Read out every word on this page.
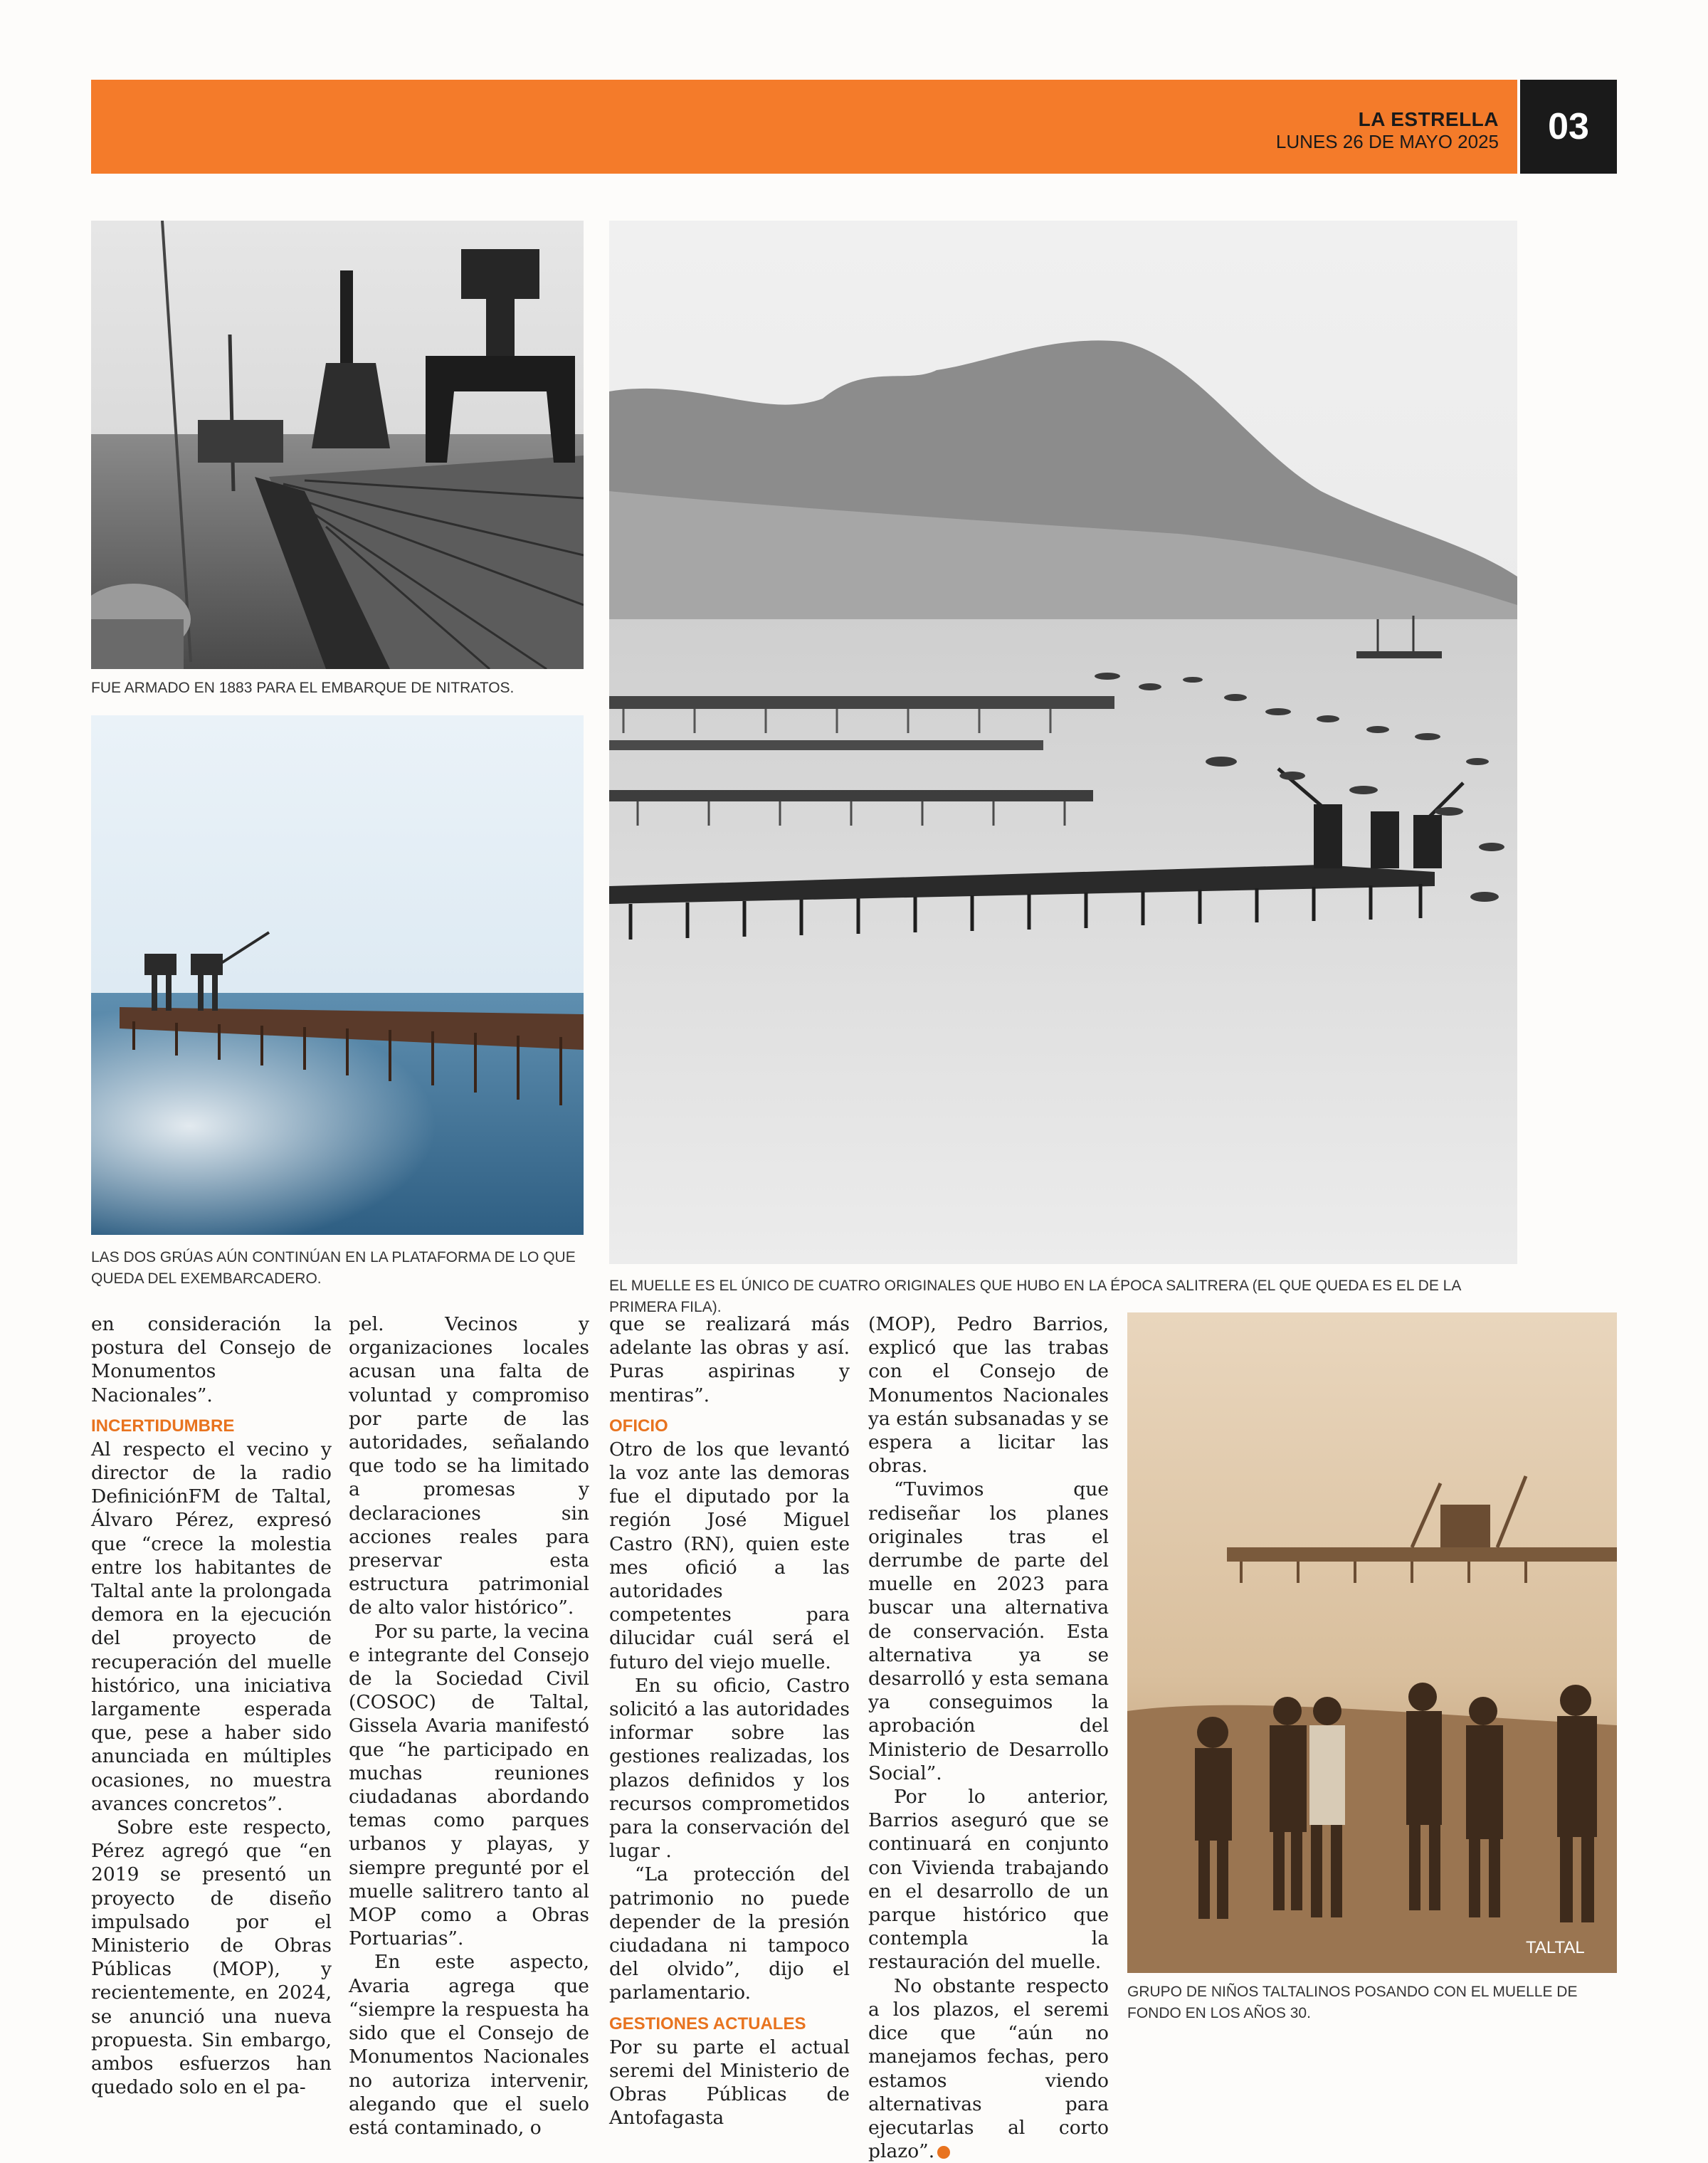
LA ESTRELLA
LUNES 26 DE MAYO 2025	03
FUE ARMADO EN 1883 PARA EL EMBARQUE DE NITRATOS.
LAS DOS GRÚAS AÚN CONTINÚAN EN LA PLATAFORMA DE LO QUE QUEDA DEL EXEMBARCADERO.	EL MUELLE ES EL ÚNICO DE CUATRO ORIGINALES QUE HUBO EN LA ÉPOCA SALITRERA (EL QUE QUEDA ES EL DE LA PRIMERA FILA).
TALTAL
GRUPO DE NIÑOS TALTALINOS POSANDO CON EL MUELLE DE FONDO EN LOS AÑOS 30.

en consideración la postura del Consejo de Monumentos Nacionales”.

INCERTIDUMBRE

Al respecto el vecino y director de la radio DefiniciónFM de Taltal, Álvaro Pérez, expresó que “crece la molestia entre los habitantes de Taltal ante la prolongada demora en la ejecución del proyecto de recuperación del muelle histórico, una iniciativa largamente esperada que, pese a haber sido anunciada en múltiples ocasiones, no muestra avances concretos”.

Sobre este respecto, Pérez agregó que “en 2019 se presentó un proyecto de diseño impulsado por el Ministerio de Obras Públicas (MOP), y recientemente, en 2024, se anunció una nueva propuesta. Sin embargo, ambos esfuerzos han quedado solo en el pa-

pel. Vecinos y organizaciones locales acusan una falta de voluntad y compromiso por parte de las autoridades, señalando que todo se ha limitado a promesas y declaraciones sin acciones reales para preservar esta estructura patrimonial de alto valor histórico”.

Por su parte, la vecina e integrante del Consejo de la Sociedad Civil (COSOC) de Taltal, Gissela Avaria manifestó que “he participado en muchas reuniones ciudadanas abordando temas como parques urbanos y playas, y siempre pregunté por el muelle salitrero tanto al MOP como a Obras Portuarias”.

En este aspecto, Avaria agrega que “siempre la respuesta ha sido que el Consejo de Monumentos Nacionales no autoriza intervenir, alegando que el suelo está contaminado, o

que se realizará más adelante las obras y así. Puras aspirinas y mentiras”.

OFICIO

Otro de los que levantó la voz ante las demoras fue el diputado por la región José Miguel Castro (RN), quien este mes ofició a las autoridades competentes para dilucidar cuál será el futuro del viejo muelle.

En su oficio, Castro solicitó a las autoridades informar sobre las gestiones realizadas, los plazos definidos y los recursos comprometidos para la conservación del lugar .

“La protección del patrimonio no puede depender de la presión ciudadana ni tampoco del olvido”, dijo el parlamentario.

GESTIONES ACTUALES

Por su parte el actual seremi del Ministerio de Obras Públicas de Antofagasta

(MOP), Pedro Barrios, explicó que las trabas con el Consejo de Monumentos Nacionales ya están subsanadas y se espera a licitar las obras.

“Tuvimos que rediseñar los planes originales tras el derrumbe de parte del muelle en 2023 para buscar una alternativa de conservación. Esta alternativa ya se desarrolló y esta semana ya conseguimos la aprobación del Ministerio de Desarrollo Social”.

Por lo anterior, Barrios aseguró que se continuará en conjunto con Vivienda trabajando en el desarrollo de un parque histórico que contempla la restauración del muelle.

No obstante respecto a los plazos, el seremi dice que “aún no manejamos fechas, pero estamos viendo alternativas para ejecutarlas al corto plazo”.
